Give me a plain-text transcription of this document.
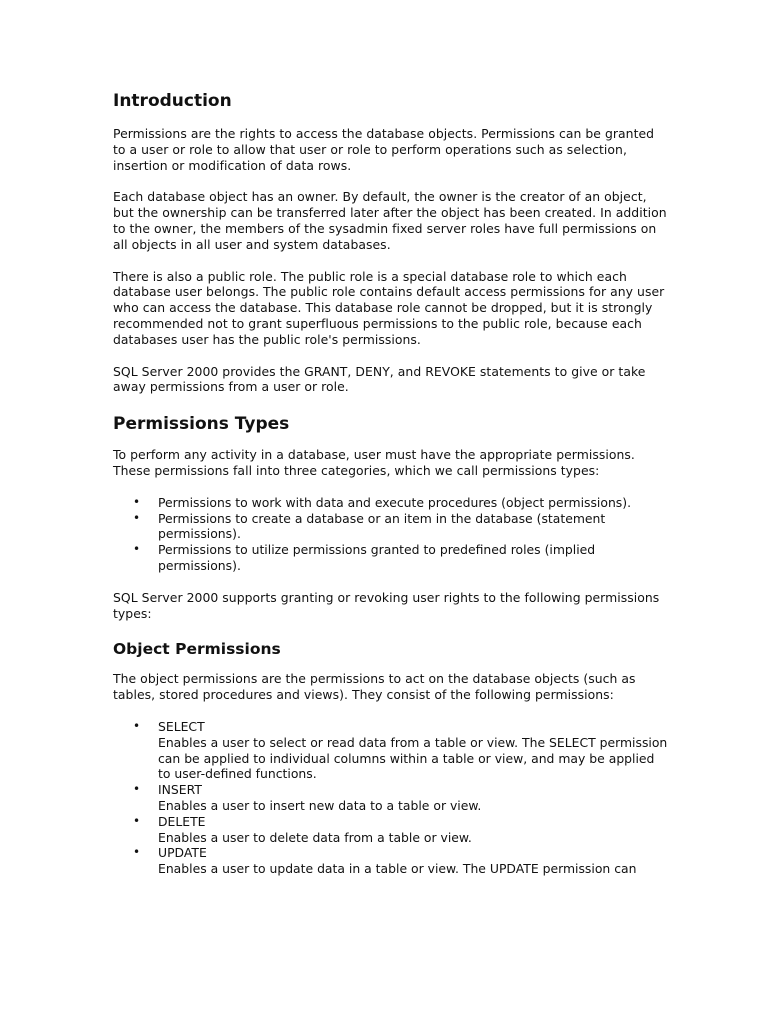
Introduction

Permissions are the rights to access the database objects. Permissions can be granted to a user or role to allow that user or role to perform operations such as selection, insertion or modification of data rows.

Each database object has an owner. By default, the owner is the creator of an object, but the ownership can be transferred later after the object has been created. In addition to the owner, the members of the sysadmin fixed server roles have full permissions on all objects in all user and system databases.

There is also a public role. The public role is a special database role to which each database user belongs. The public role contains default access permissions for any user who can access the database. This database role cannot be dropped, but it is strongly recommended not to grant superfluous permissions to the public role, because each databases user has the public role's permissions.

SQL Server 2000 provides the GRANT, DENY, and REVOKE statements to give or take away permissions from a user or role.

Permissions Types

To perform any activity in a database, user must have the appropriate permissions. These permissions fall into three categories, which we call permissions types:

• Permissions to work with data and execute procedures (object permissions).
• Permissions to create a database or an item in the database (statement permissions).
• Permissions to utilize permissions granted to predefined roles (implied permissions).

SQL Server 2000 supports granting or revoking user rights to the following permissions types:

Object Permissions

The object permissions are the permissions to act on the database objects (such as tables, stored procedures and views). They consist of the following permissions:

• SELECT
Enables a user to select or read data from a table or view. The SELECT permission can be applied to individual columns within a table or view, and may be applied to user-defined functions.
• INSERT
Enables a user to insert new data to a table or view.
• DELETE
Enables a user to delete data from a table or view.
• UPDATE
Enables a user to update data in a table or view. The UPDATE permission can
